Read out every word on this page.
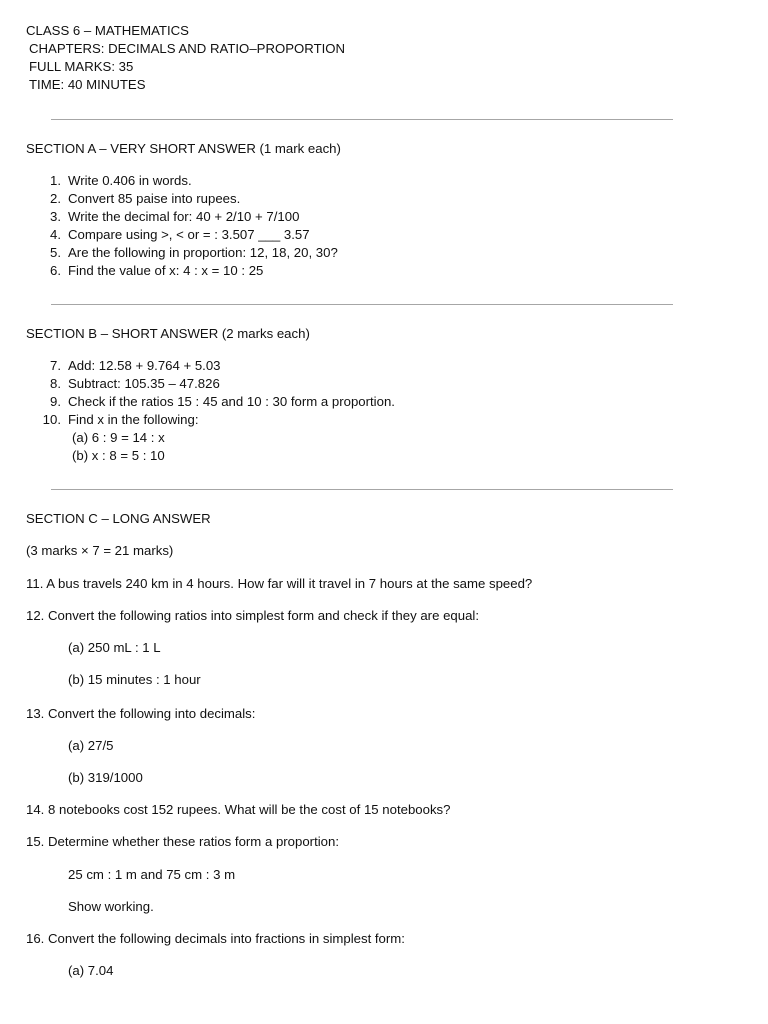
CLASS 6 – MATHEMATICS
CHAPTERS: DECIMALS AND RATIO–PROPORTION
FULL MARKS: 35
TIME: 40 MINUTES
SECTION A – VERY SHORT ANSWER (1 mark each)
1. Write 0.406 in words.
2. Convert 85 paise into rupees.
3. Write the decimal for: 40 + 2/10 + 7/100
4. Compare using >, < or = : 3.507 ___ 3.57
5. Are the following in proportion: 12, 18, 20, 30?
6. Find the value of x: 4 : x = 10 : 25
SECTION B – SHORT ANSWER (2 marks each)
7. Add: 12.58 + 9.764 + 5.03
8. Subtract: 105.35 – 47.826
9. Check if the ratios 15 : 45 and 10 : 30 form a proportion.
10. Find x in the following:
(a) 6 : 9 = 14 : x
(b) x : 8 = 5 : 10
SECTION C – LONG ANSWER
(3 marks × 7 = 21 marks)
11. A bus travels 240 km in 4 hours. How far will it travel in 7 hours at the same speed?
12. Convert the following ratios into simplest form and check if they are equal:
(a) 250 mL : 1 L
(b) 15 minutes : 1 hour
13. Convert the following into decimals:
(a) 27/5
(b) 319/1000
14. 8 notebooks cost 152 rupees. What will be the cost of 15 notebooks?
15. Determine whether these ratios form a proportion:
25 cm : 1 m and 75 cm : 3 m
Show working.
16. Convert the following decimals into fractions in simplest form:
(a) 7.04
